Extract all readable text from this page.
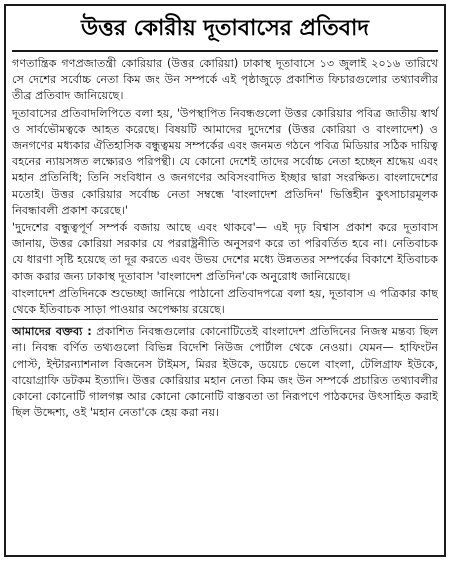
উত্তর কোরীয় দূতাবাসের প্রতিবাদ

গণতান্ত্রিক গণপ্রজাতন্ত্রী কোরিয়ার (উত্তর কোরিয়া) ঢাকাস্থ দূতাবাসে ১৩ জুলাই ২০১৬ তারিখে সে দেশের সর্বোচ্চ নেতা কিম জং উন সম্পর্কে এই পৃষ্ঠাজুড়ে প্রকাশিত ফিচারগুলোর তথ্যাবলীর তীব্র প্রতিবাদ জানিয়েছে।

দূতাবাসের প্রতিবাদলিপিতে বলা হয়, 'উপস্থাপিত নিবন্ধগুলো উত্তর কোরিয়ার পবিত্র জাতীয় স্বার্থ ও সার্বভৌমত্বকে আহত করেছে। বিষয়টি আমাদের দুদেশের (উত্তর কোরিয়া ও বাংলাদেশ) ও জনগণের মধ্যকার ঐতিহাসিক বন্ধুত্বময় সম্পর্কের এবং জনমত গঠনে পবিত্র মিডিয়ার সঠিক দায়িত্ব বহনের ন্যায়সঙ্গত লক্ষ্যেরও পরিপন্থী। যে কোনো দেশেই তাদের সর্বোচ্চ নেতা হচ্ছেন শ্রদ্ধেয় এবং মহান প্রতিনিধি; তিনি সংবিধান ও জনগণের অবিসংবাদিত ইচ্ছার দ্বারা সংরক্ষিত। বাংলাদেশের মতোই। উত্তর কোরিয়ার সর্বোচ্চ নেতা সম্বন্ধে 'বাংলাদেশ প্রতিদিন' ভিত্তিহীন কুৎসাচারমূলক নিবন্ধাবলী প্রকাশ করেছে।'

'দুদেশের বন্ধুত্বপূর্ণ সম্পর্ক বজায় আছে এবং থাকবে'— এই দৃঢ় বিশ্বাস প্রকাশ করে দূতাবাস জানায়, উত্তর কোরিয়া সরকার যে পররাষ্ট্রনীতি অনুসরণ করে তা পরিবর্তিত হবে না। নেতিবাচক যে ধারণা সৃষ্টি হয়েছে তা দূর করতে এবং উভয় দেশের মধ্যে উন্নততর সম্পর্কের বিকাশে ইতিবাচক কাজ করার জন্য ঢাকাস্থ দূতাবাস 'বাংলাদেশ প্রতিদিন'কে অনুরোধ জানিয়েছে।

বাংলাদেশ প্রতিদিনকে শুভেচ্ছা জানিয়ে পাঠানো প্রতিবাদপত্রে বলা হয়, দূতাবাস এ পত্রিকার কাছ থেকে ইতিবাচক সাড়া পাওয়ার অপেক্ষায় রয়েছে।

আমাদের বক্তব্য : প্রকাশিত নিবন্ধগুলোর কোনোটিতেই বাংলাদেশ প্রতিদিনের নিজস্ব মন্তব্য ছিল না। নিবন্ধ বর্ণিত তথ্যগুলো বিভিন্ন বিদেশি নিউজ পোর্টাল থেকে নেওয়া। যেমন— হাফিংটন পোস্ট, ইন্টারন্যাশনাল বিজনেস টাইমস, মিরর ইউকে, ডয়েচে ভেলে বাংলা, টেলিগ্রাফ ইউকে, বায়োগ্রাফি ডটকম ইত্যাদি। উত্তর কোরিয়ার মহান নেতা কিম জং উন সম্পর্কে প্রচারিত তথ্যাবলীর কোনো কোনোটি গালগল্প আর কোনো কোনোটি বাস্তবতা তা নিরূপণে পাঠকদের উৎসাহিত করাই ছিল উদ্দেশ্য, ওই 'মহান নেতা'কে হেয় করা নয়।
